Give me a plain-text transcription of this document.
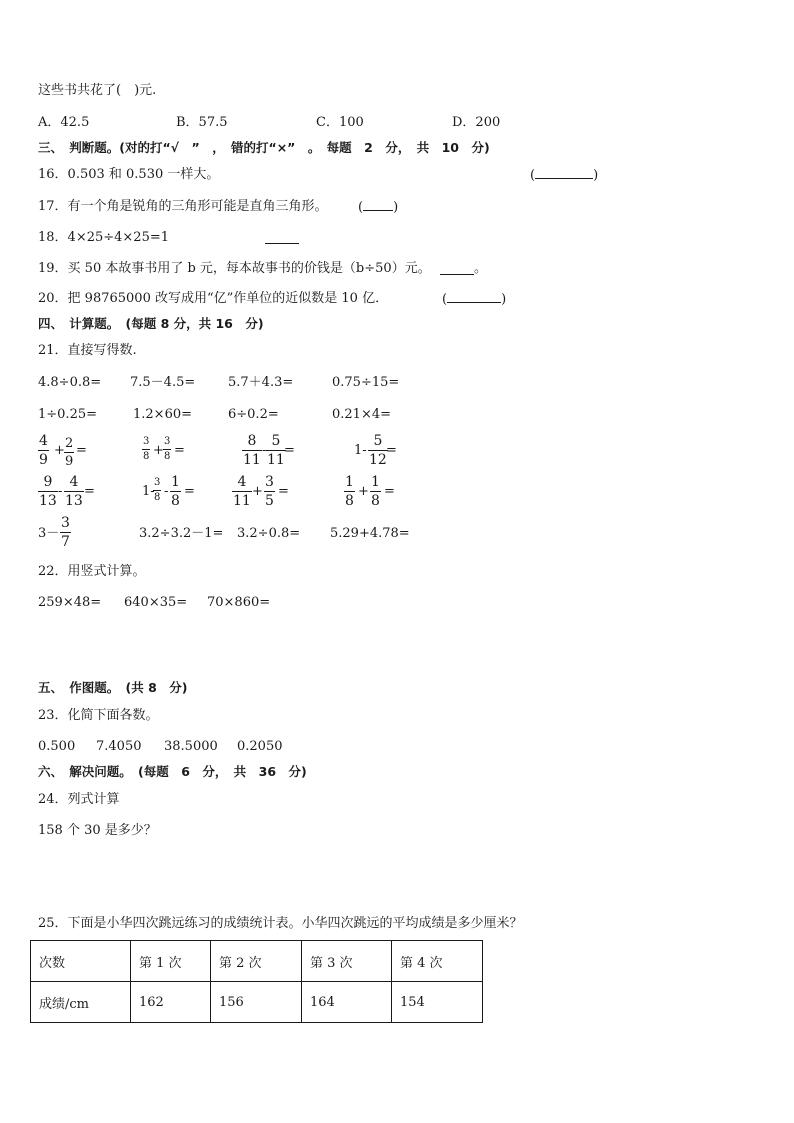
这些书共花了(　)元.
A．42.5	B．57.5	C．100	D．200
三、　判断题。(对的打“√　”　，　错的打“×”　。　每题　2　分，　共　10　分)
16．0.503 和 0.530 一样大。	(	)
17．有一个角是锐角的三角形可能是直角三角形。 ( )
18．4×25÷4×25=1
19．买 50 本故事书用了 b 元，每本故事书的价钱是（b÷50）元。	。
20．把 98765000 改写成用“亿”作单位的近似数是 10 亿．	(	)
四、　计算题。　(每题 8 分，共 16　分)
21．直接写得数.
4.8÷0.8= 7.5－4.5=	5.7＋4.3=	0.75÷15=
1÷0.25=	1.2×60=	6÷0.2=	0.21×4=
4
9
+ 2
9
=
3
8 +
3
8 =
8
11
-
5
11
=	1-
5
12
=
9
13
-
4
13
=	1-
3
8 -
1
8
=
4
11
+
3
5
=
1
8
+
1
8
=
3－
3
7
3.2÷3.2－1= 3.2÷0.8= 5.29+4.78=
22．用竖式计算。
259×48= 640×35= 70×860=
五、　作图题。　(共 8　分)
23．化简下面各数。
0.500 7.4050 38.5000 0.2050
六、　解决问题。　(每题　6　分，　共　36　分)
24．列式计算
158 个 30 是多少？
25．下面是小华四次跳远练习的成绩统计表。小华四次跳远的平均成绩是多少厘米？
次数	第 1 次	第 2 次	第 3 次	第 4 次
成绩/cm	162	156	164	154
